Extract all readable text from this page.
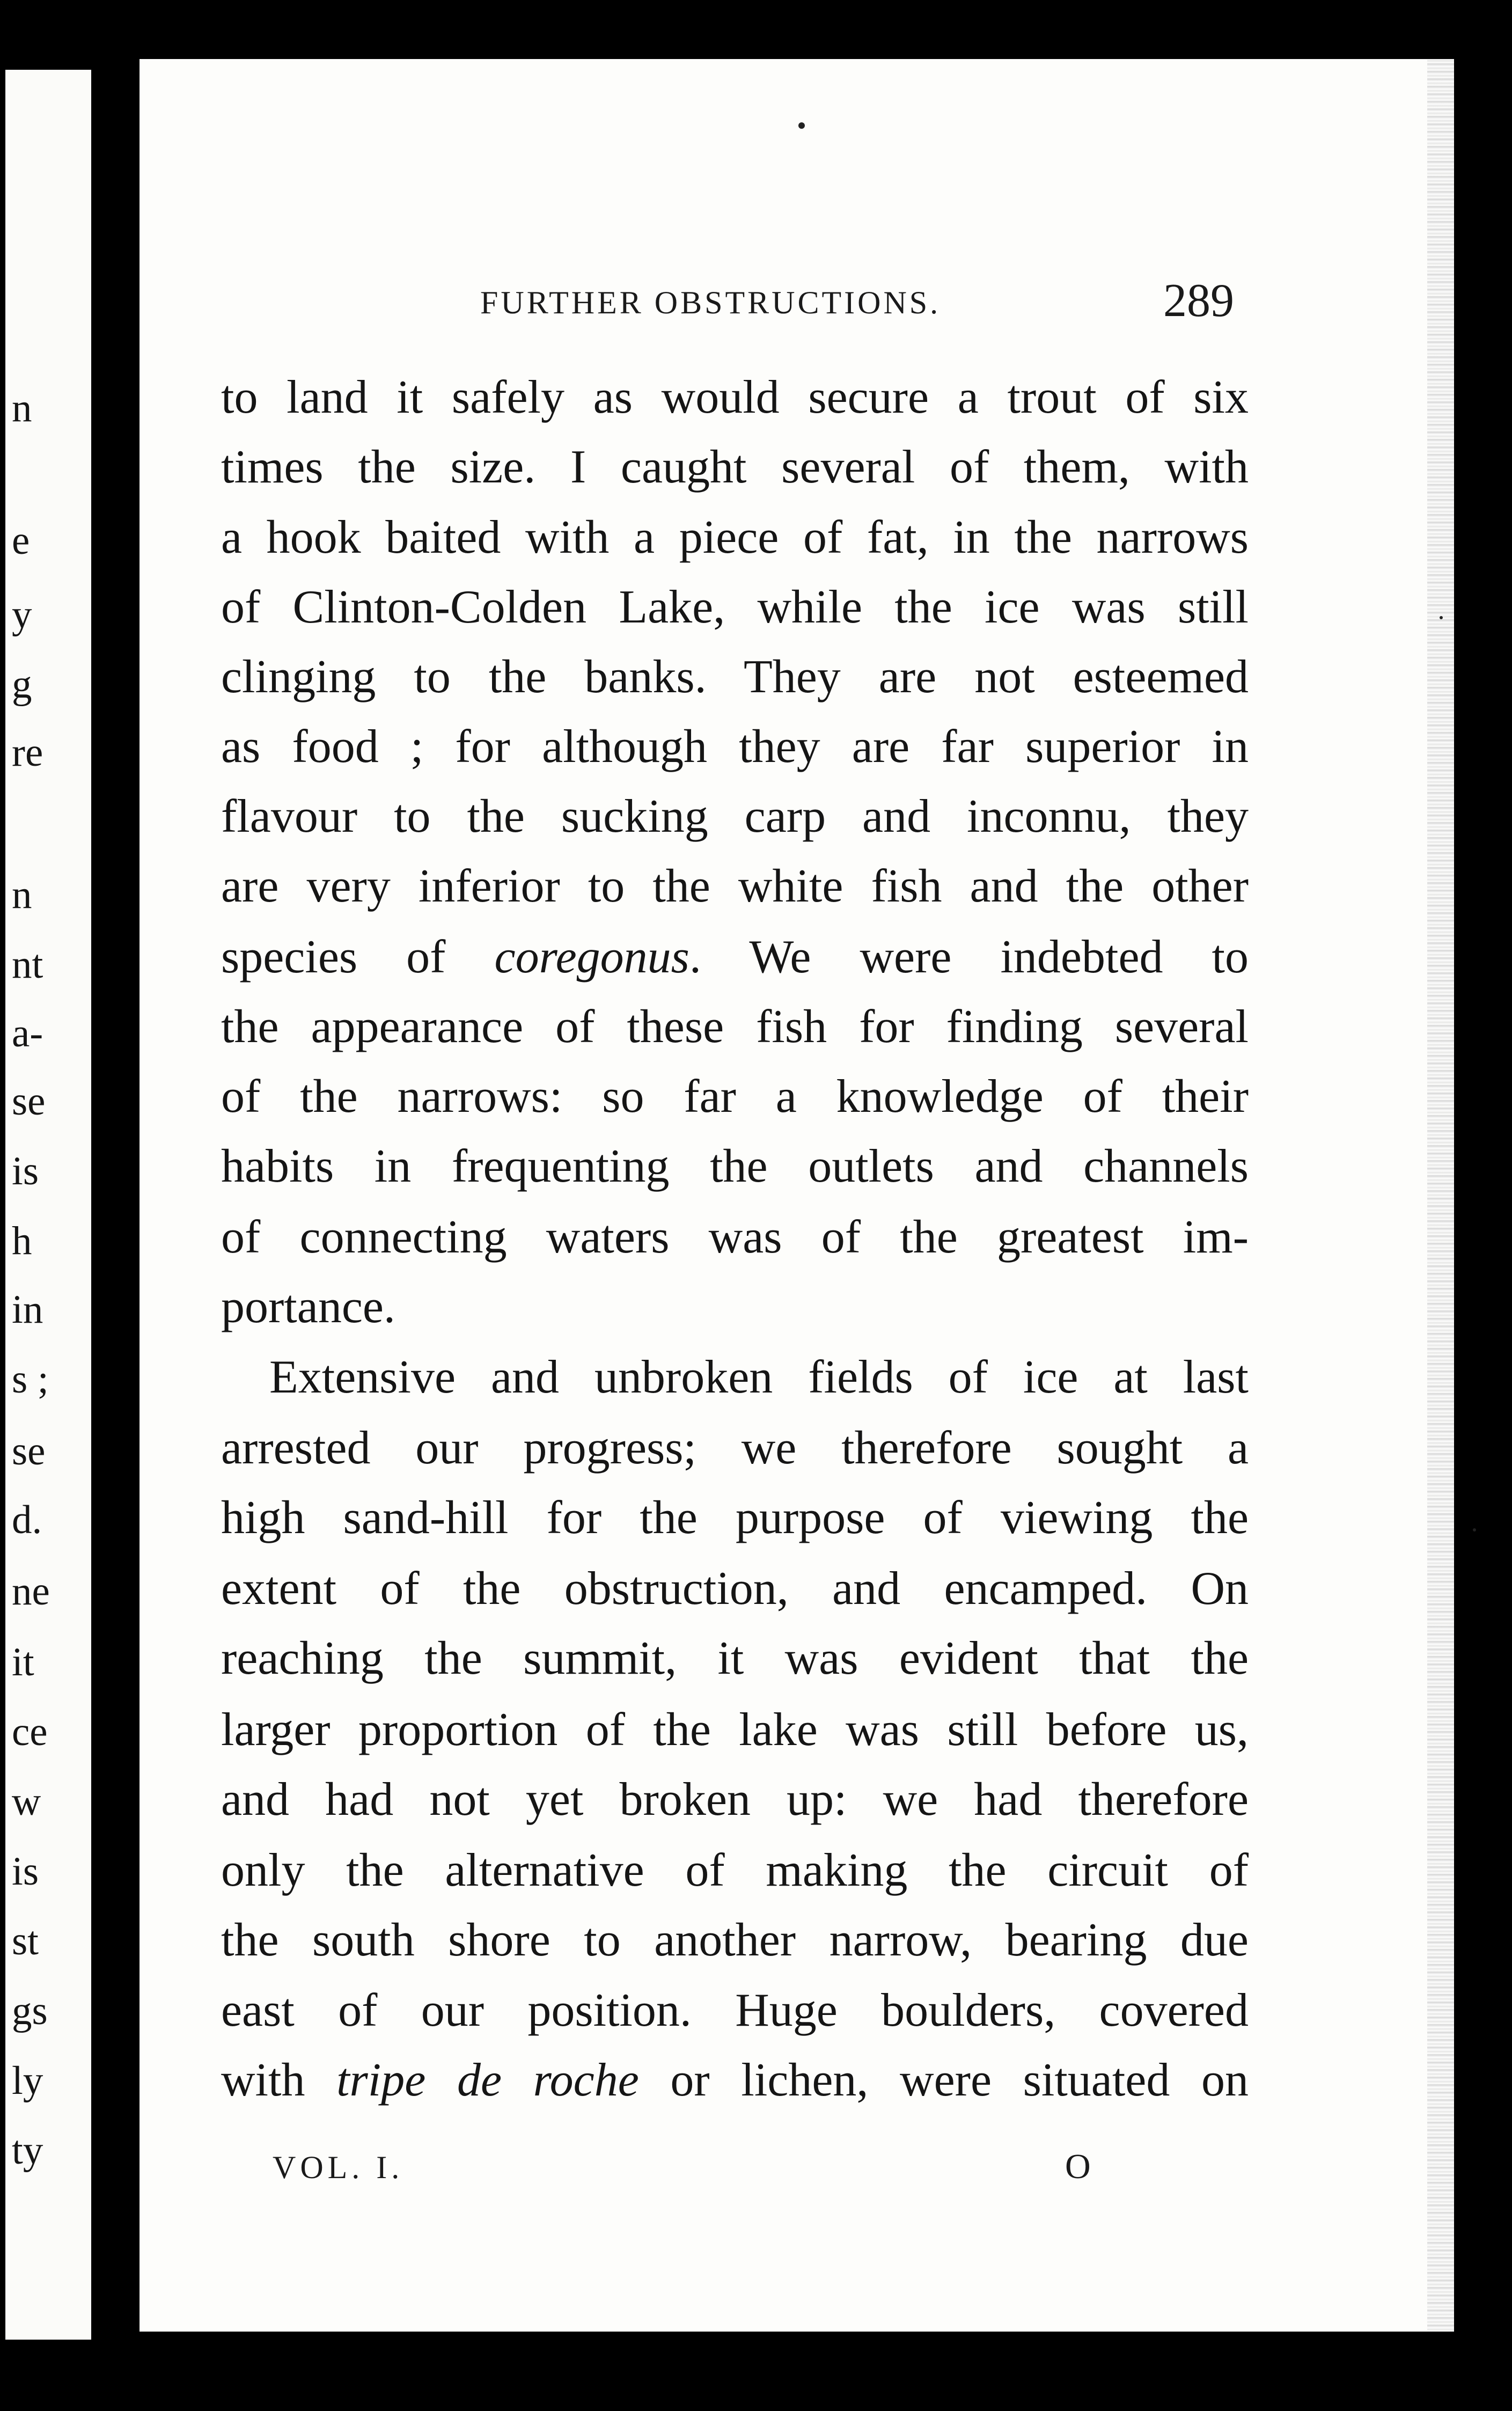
n
e
y
g
re
n
nt
a-
se
is
h
in
s ;
se
d.
ne
it
ce
w
is
st
gs
ly
ty
FURTHER OBSTRUCTIONS.	289
to land it safely as would secure a trout of six
times the size. I caught several of them, with
a hook baited with a piece of fat, in the narrows
of Clinton-Colden Lake, while the ice was still
clinging to the banks. They are not esteemed
as food ; for although they are far superior in
flavour to the sucking carp and inconnu, they
are very inferior to the white fish and the other
species of coregonus. We were indebted to
the appearance of these fish for finding several
of the narrows: so far a knowledge of their
habits in frequenting the outlets and channels
of connecting waters was of the greatest im-
portance.
Extensive and unbroken fields of ice at last
arrested our progress; we therefore sought a
high sand-hill for the purpose of viewing the
extent of the obstruction, and encamped. On
reaching the summit, it was evident that the
larger proportion of the lake was still before us,
and had not yet broken up: we had therefore
only the alternative of making the circuit of
the south shore to another narrow, bearing due
east of our position. Huge boulders, covered
with tripe de roche or lichen, were situated on
VOL. I.	O
